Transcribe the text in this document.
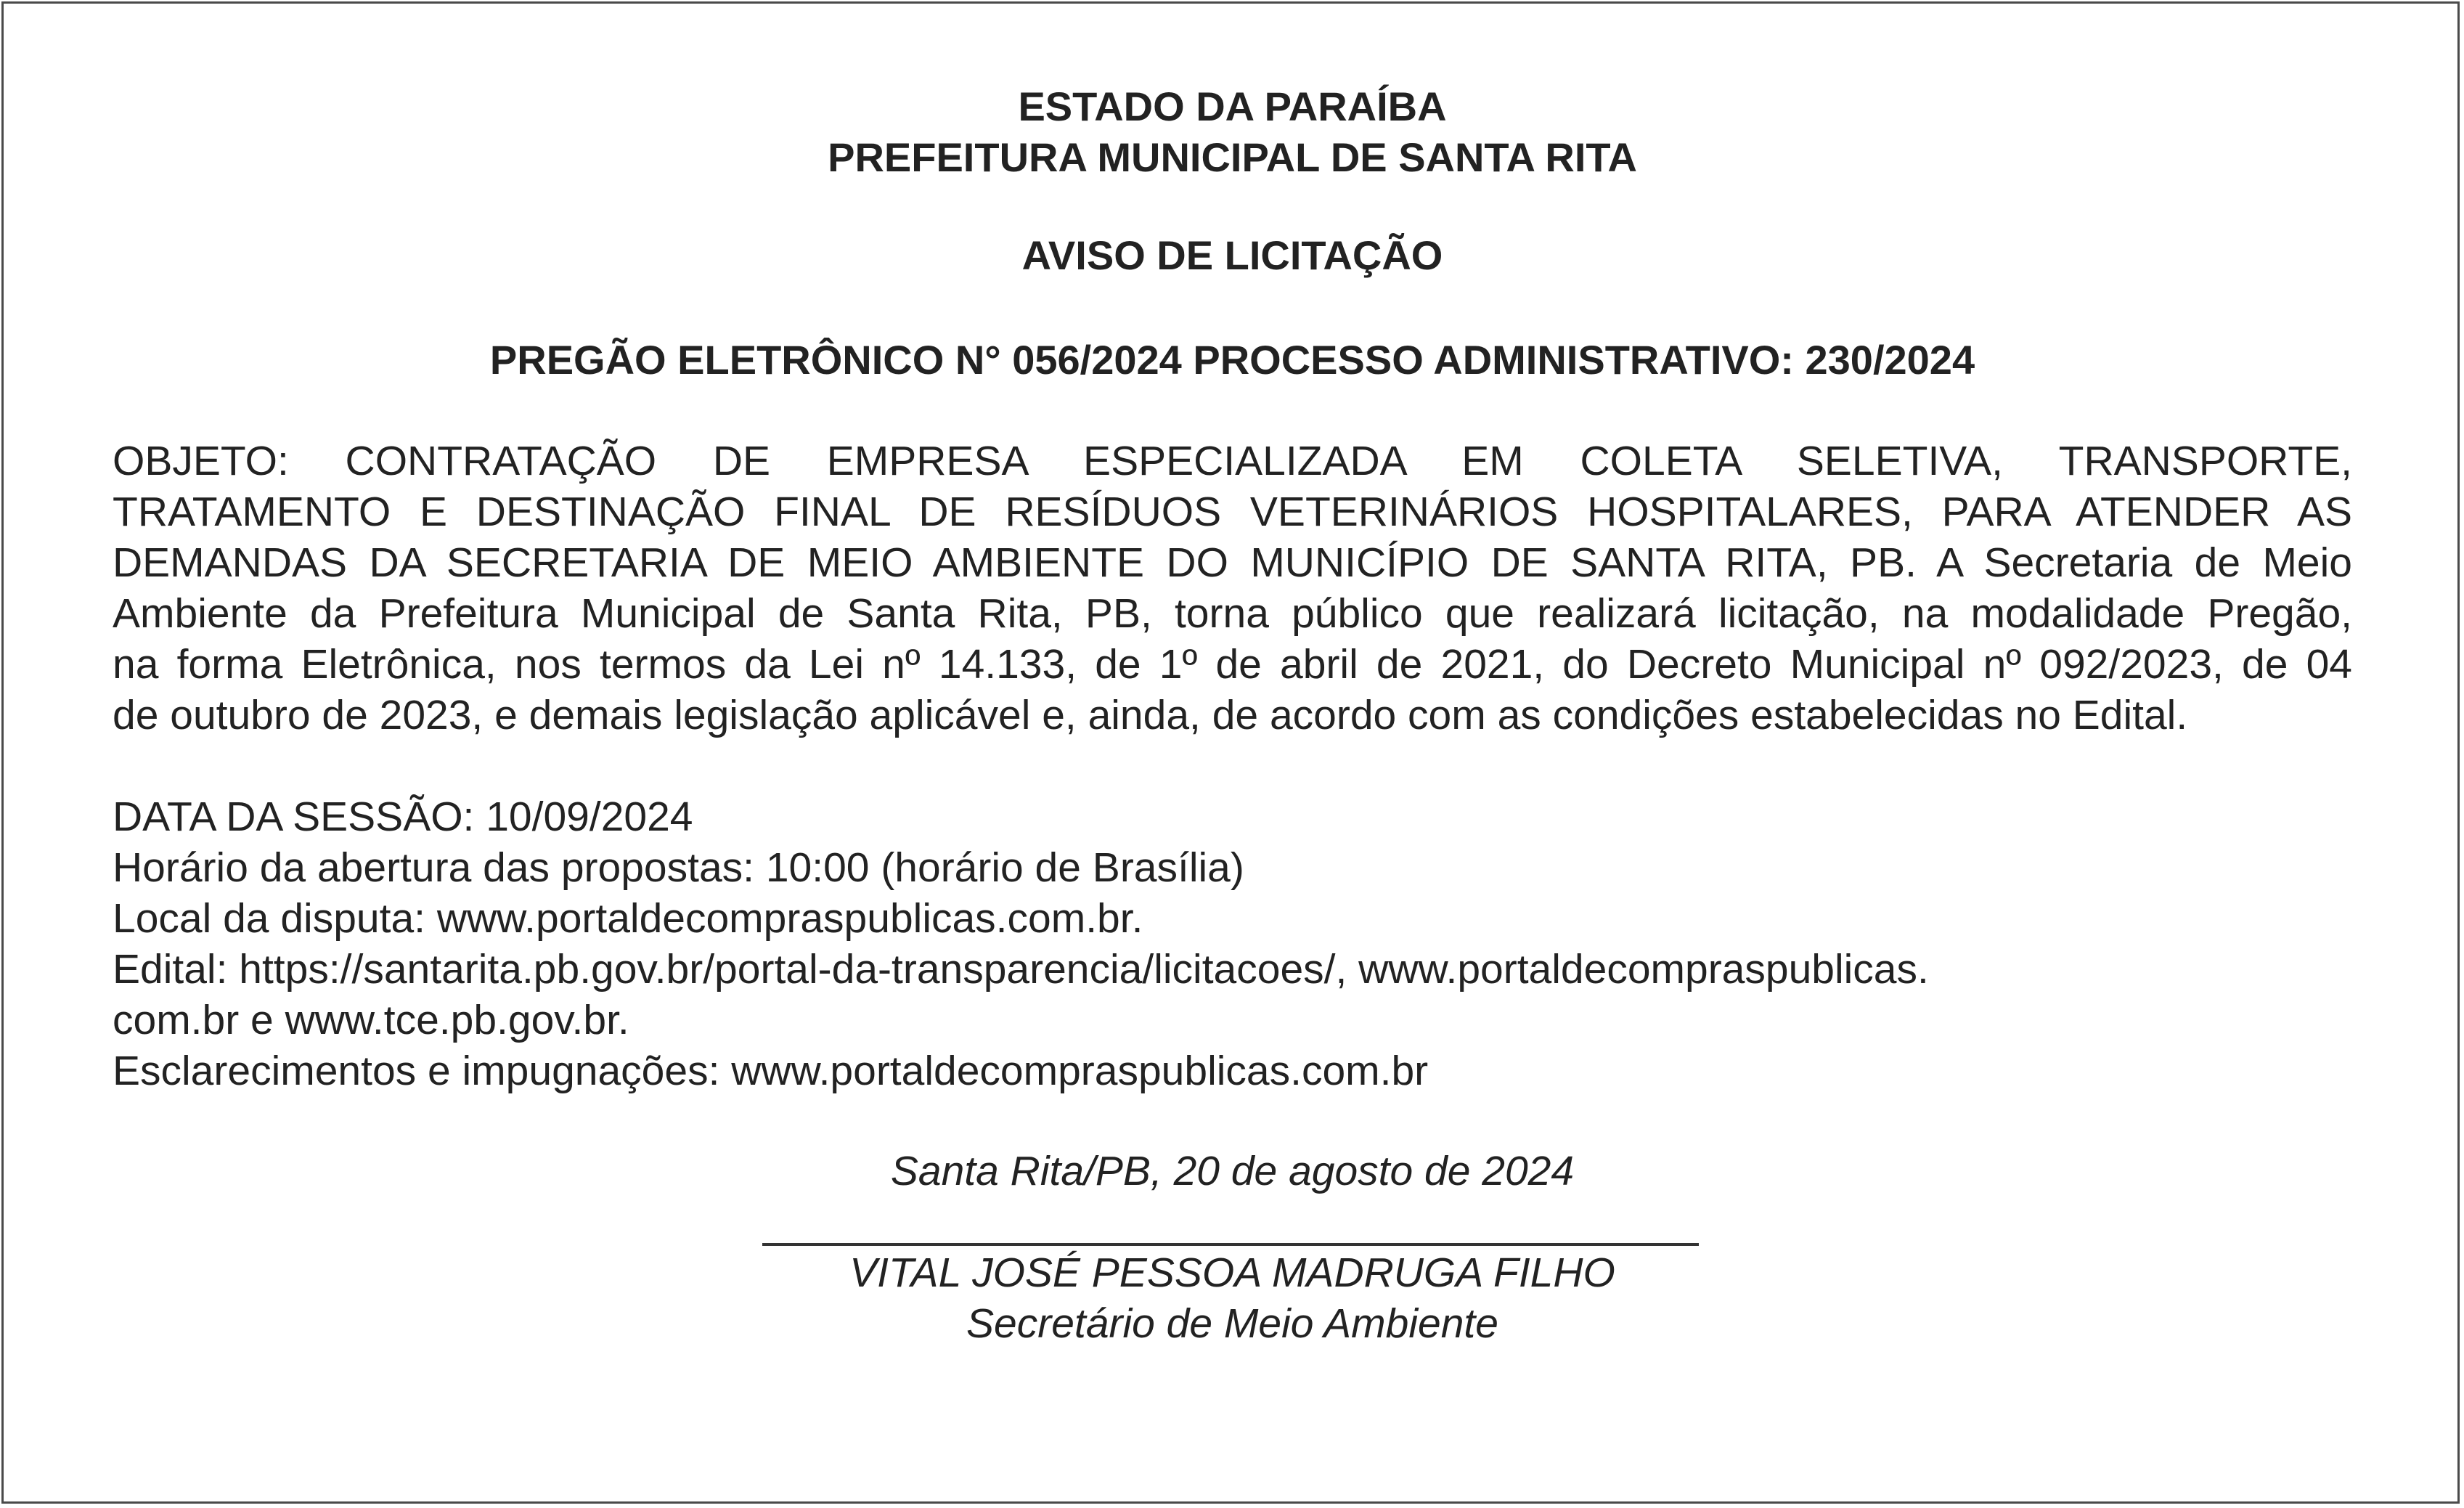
ESTADO DA PARAÍBA
PREFEITURA MUNICIPAL DE SANTA RITA
AVISO DE LICITAÇÃO
PREGÃO ELETRÔNICO N° 056/2024 PROCESSO ADMINISTRATIVO: 230/2024
OBJETO: CONTRATAÇÃO DE EMPRESA ESPECIALIZADA EM COLETA SELETIVA, TRANSPORTE,
TRATAMENTO E DESTINAÇÃO FINAL DE RESÍDUOS VETERINÁRIOS HOSPITALARES, PARA ATENDER AS
DEMANDAS DA SECRETARIA DE MEIO AMBIENTE DO MUNICÍPIO DE SANTA RITA, PB. A Secretaria de Meio
Ambiente da Prefeitura Municipal de Santa Rita, PB, torna público que realizará licitação, na modalidade Pregão,
na forma Eletrônica, nos termos da Lei nº 14.133, de 1º de abril de 2021, do Decreto Municipal nº 092/2023, de 04
de outubro de 2023, e demais legislação aplicável e, ainda, de acordo com as condições estabelecidas no Edital.
DATA DA SESSÃO: 10/09/2024
Horário da abertura das propostas: 10:00 (horário de Brasília)
Local da disputa: www.portaldecompraspublicas.com.br.
Edital: https://santarita.pb.gov.br/portal-da-transparencia/licitacoes/, www.portaldecompraspublicas.
com.br e www.tce.pb.gov.br.
Esclarecimentos e impugnações: www.portaldecompraspublicas.com.br
Santa Rita/PB, 20 de agosto de 2024
VITAL JOSÉ PESSOA MADRUGA FILHO
Secretário de Meio Ambiente
